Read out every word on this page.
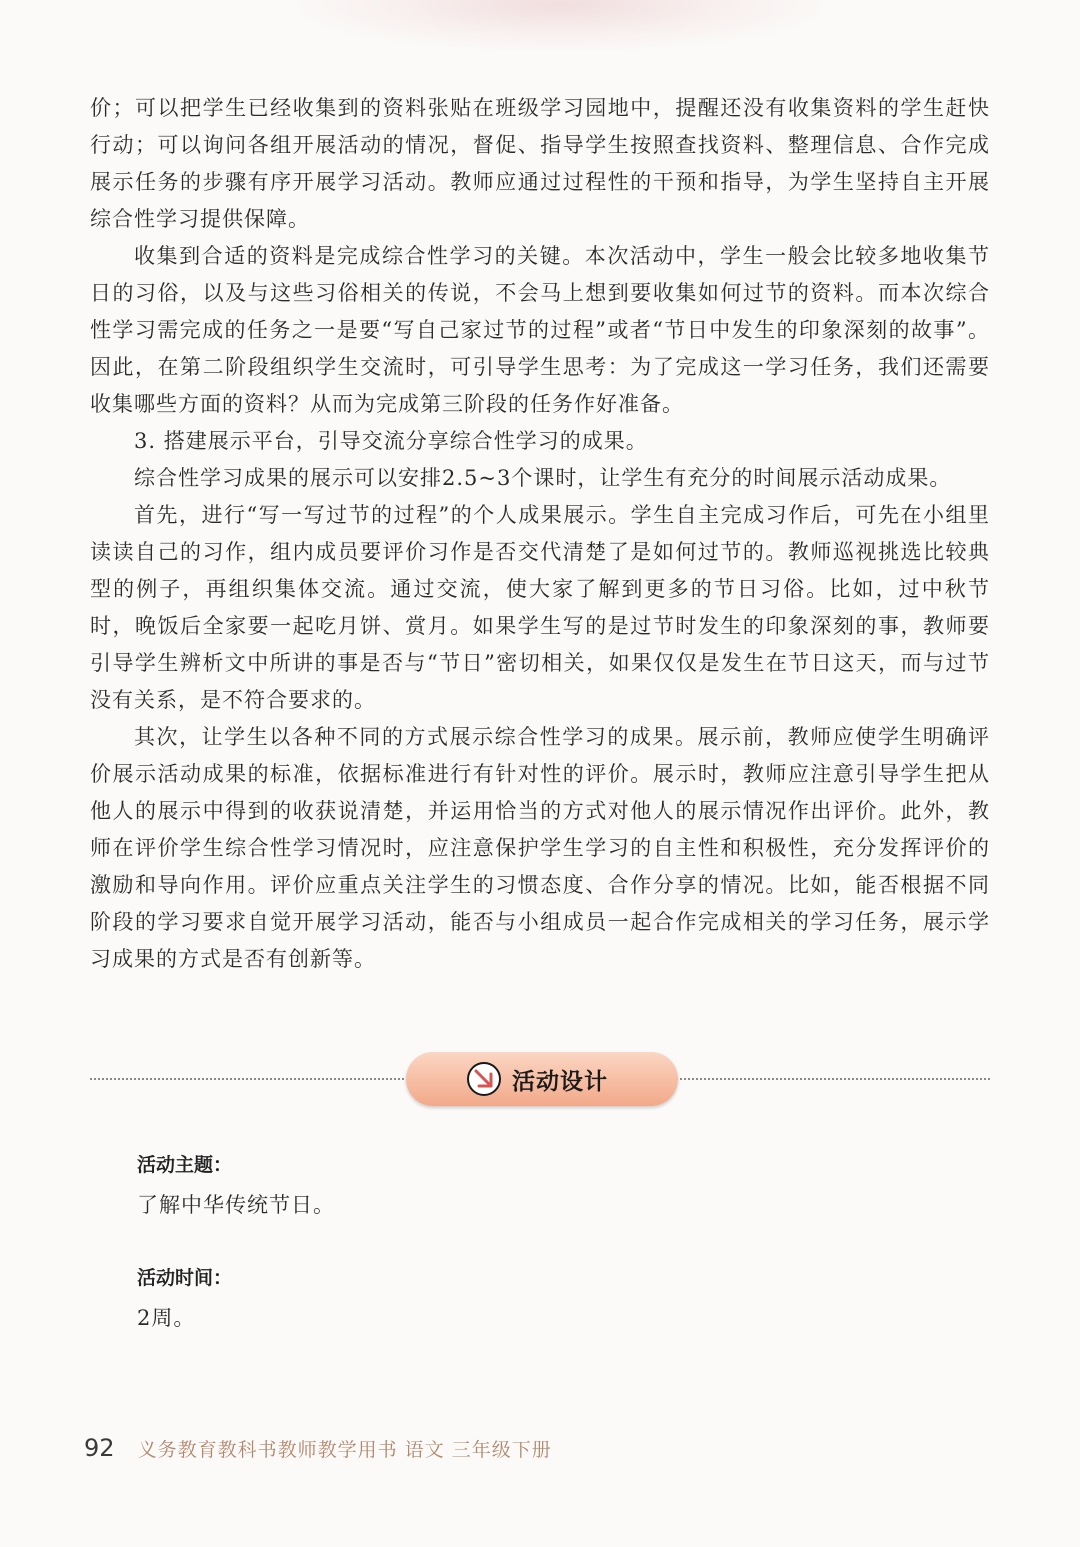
价；可以把学生已经收集到的资料张贴在班级学习园地中，提醒还没有收集资料的学生赶快行动；可以询问各组开展活动的情况，督促、指导学生按照查找资料、整理信息、合作完成展示任务的步骤有序开展学习活动。教师应通过过程性的干预和指导，为学生坚持自主开展综合性学习提供保障。

收集到合适的资料是完成综合性学习的关键。本次活动中，学生一般会比较多地收集节日的习俗，以及与这些习俗相关的传说，不会马上想到要收集如何过节的资料。而本次综合性学习需完成的任务之一是要“写自己家过节的过程”或者“节日中发生的印象深刻的故事”。因此，在第二阶段组织学生交流时，可引导学生思考：为了完成这一学习任务，我们还需要收集哪些方面的资料？从而为完成第三阶段的任务作好准备。

3. 搭建展示平台，引导交流分享综合性学习的成果。

综合性学习成果的展示可以安排2.5~3个课时，让学生有充分的时间展示活动成果。

首先，进行“写一写过节的过程”的个人成果展示。学生自主完成习作后，可先在小组里读读自己的习作，组内成员要评价习作是否交代清楚了是如何过节的。教师巡视挑选比较典型的例子，再组织集体交流。通过交流，使大家了解到更多的节日习俗。比如，过中秋节时，晚饭后全家要一起吃月饼、赏月。如果学生写的是过节时发生的印象深刻的事，教师要引导学生辨析文中所讲的事是否与“节日”密切相关，如果仅仅是发生在节日这天，而与过节没有关系，是不符合要求的。

其次，让学生以各种不同的方式展示综合性学习的成果。展示前，教师应使学生明确评价展示活动成果的标准，依据标准进行有针对性的评价。展示时，教师应注意引导学生把从他人的展示中得到的收获说清楚，并运用恰当的方式对他人的展示情况作出评价。此外，教师在评价学生综合性学习情况时，应注意保护学生学习的自主性和积极性，充分发挥评价的激励和导向作用。评价应重点关注学生的习惯态度、合作分享的情况。比如，能否根据不同阶段的学习要求自觉开展学习活动，能否与小组成员一起合作完成相关的学习任务，展示学习成果的方式是否有创新等。

活动设计

活动主题：

了解中华传统节日。

活动时间：

2周。

92 义务教育教科书教师教学用书 语文 三年级下册
